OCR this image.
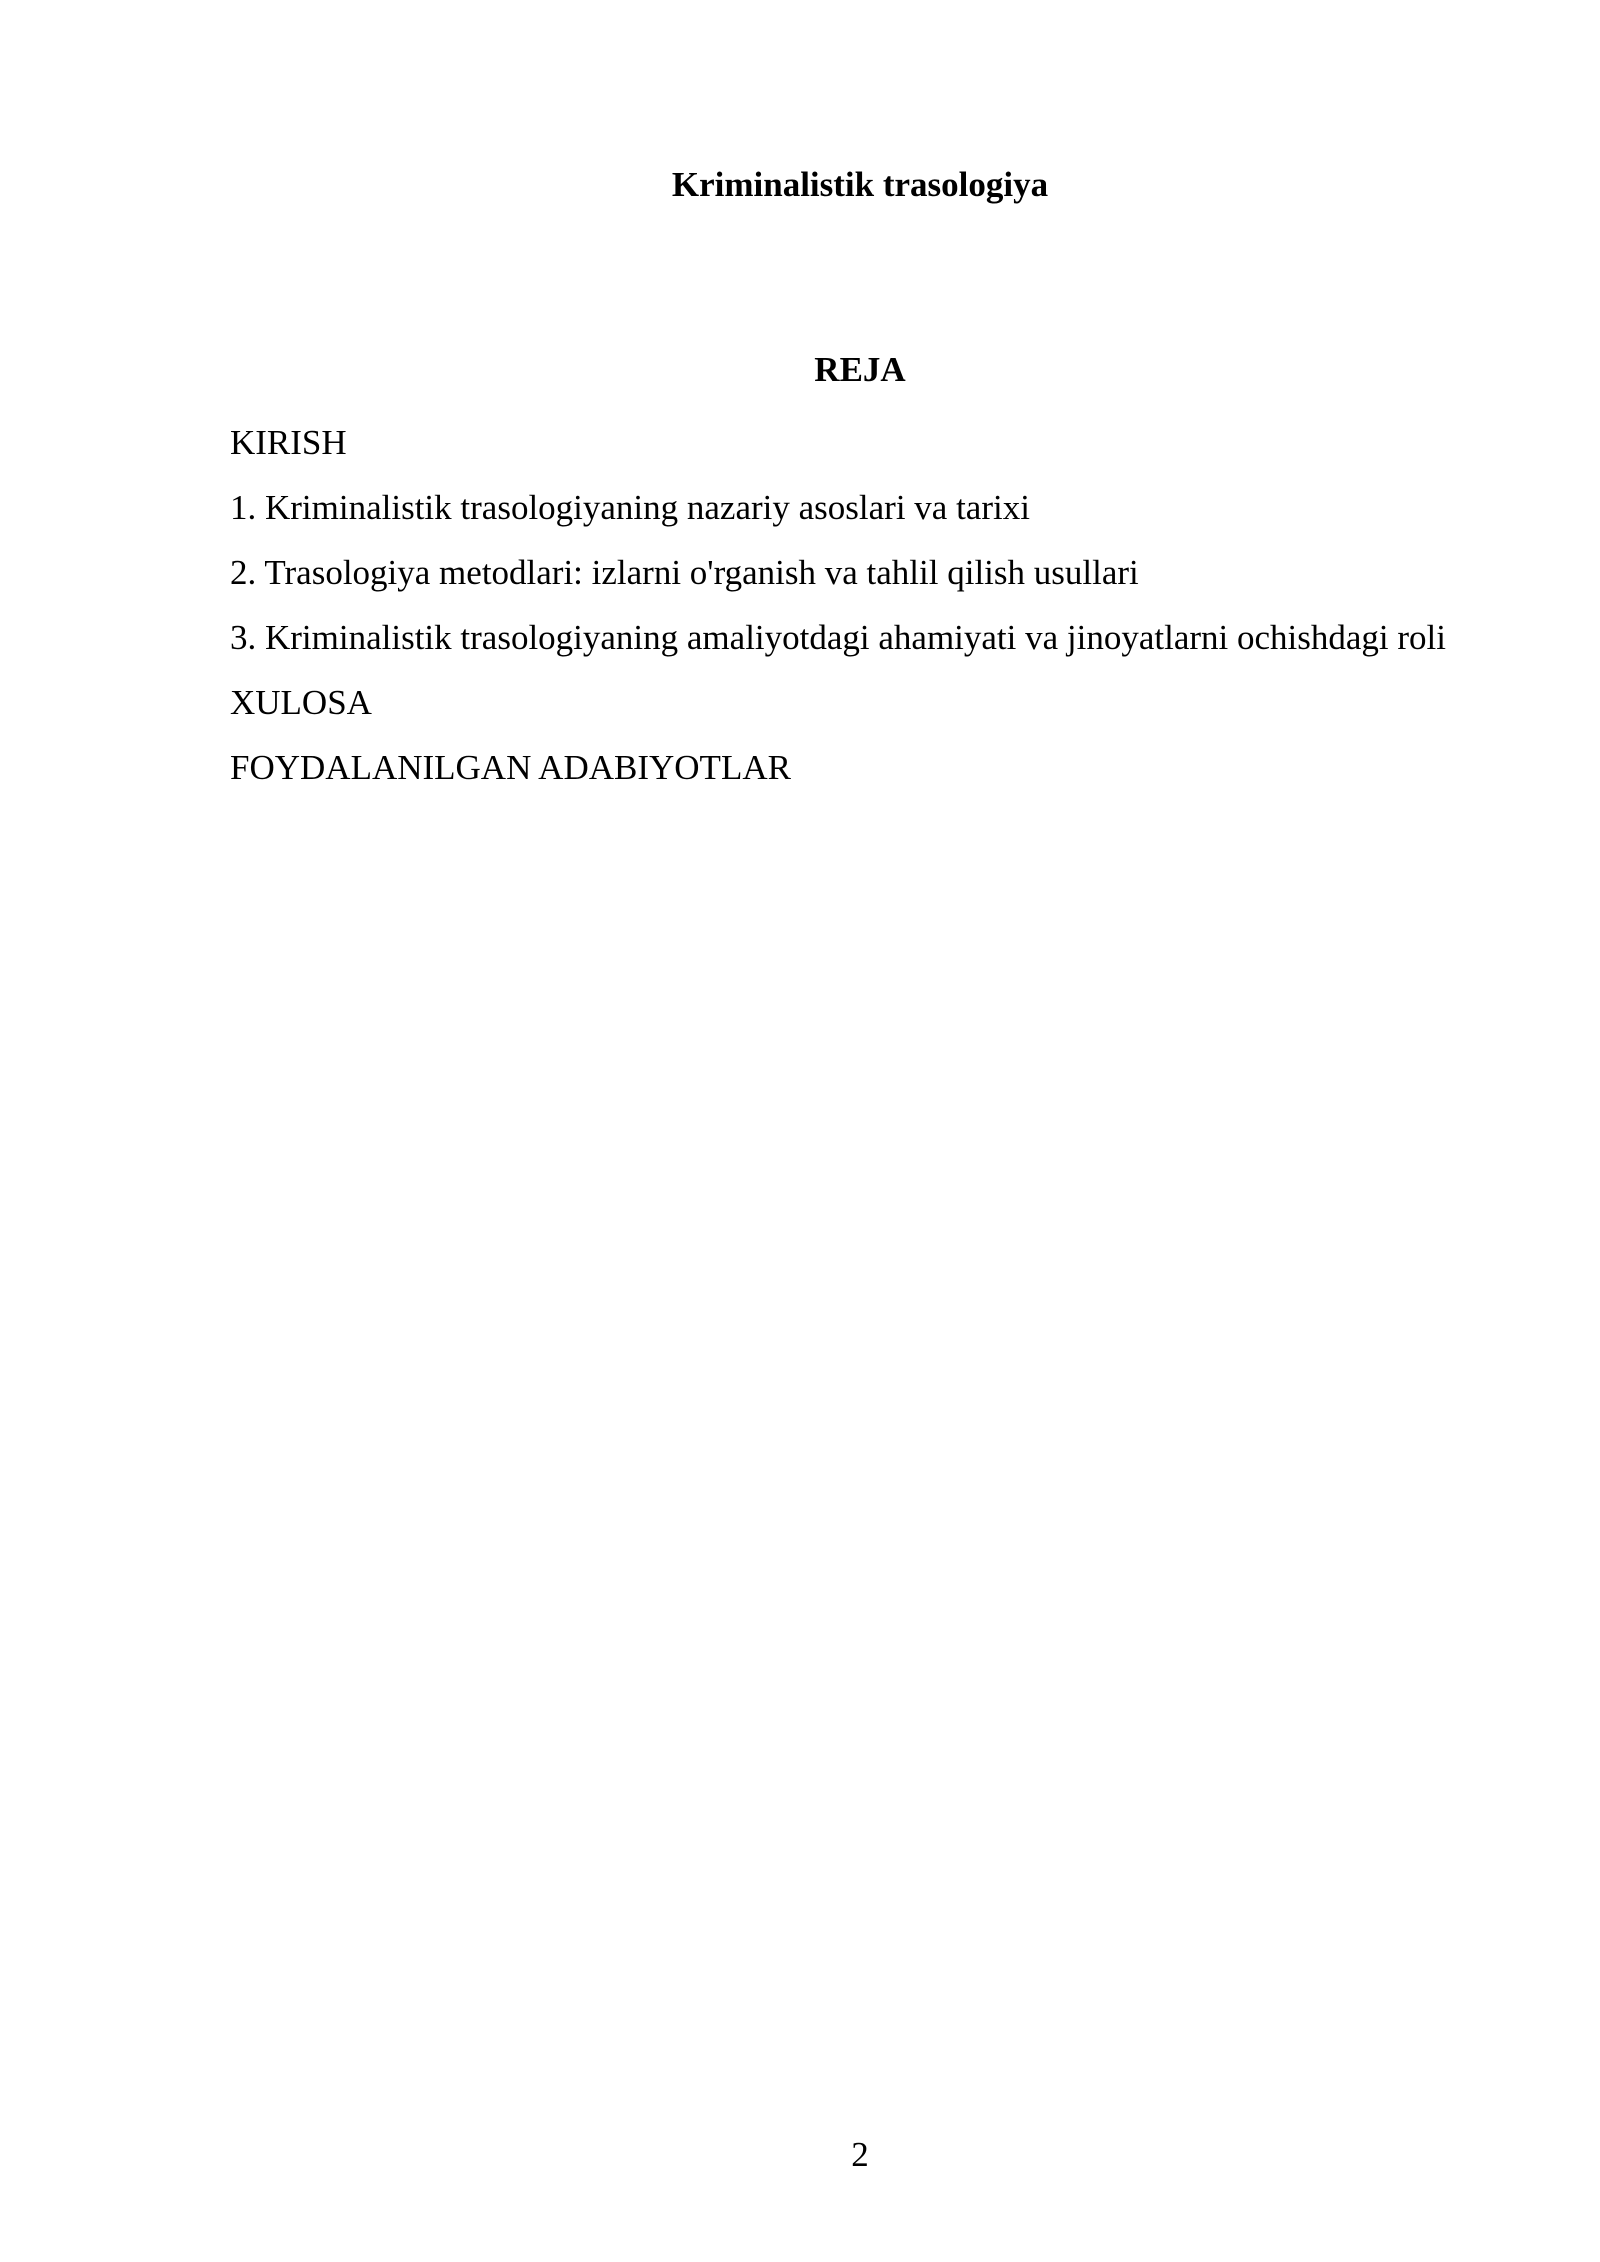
Kriminalistik trasologiya
REJA
KIRISH
1. Kriminalistik trasologiyaning nazariy asoslari va tarixi
2. Trasologiya metodlari: izlarni o'rganish va tahlil qilish usullari
3. Kriminalistik trasologiyaning amaliyotdagi ahamiyati va jinoyatlarni ochishdagi roli
XULOSA
FOYDALANILGAN ADABIYOTLAR
2
